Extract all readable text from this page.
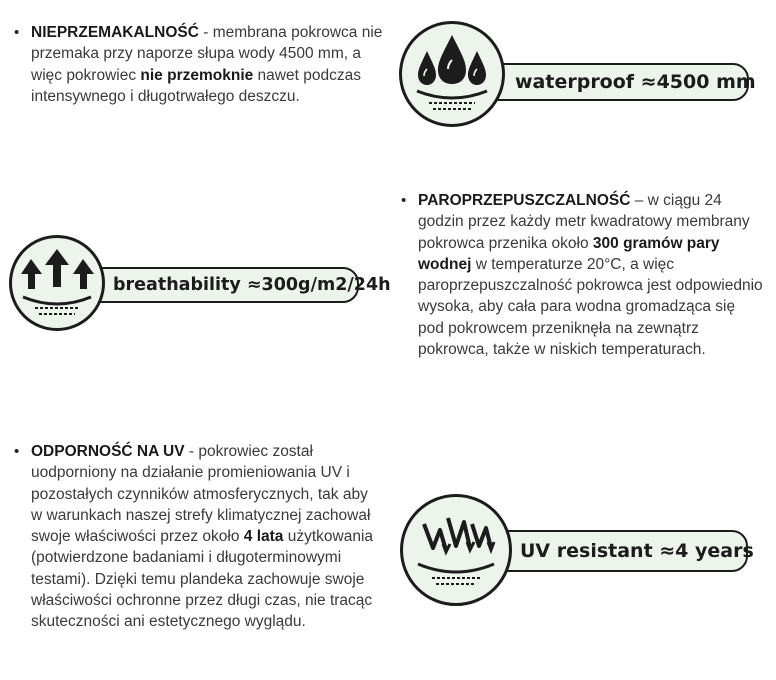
• NIEPRZEMAKALNOŚĆ - membrana pokrowca nie przemaka przy naporze słupa wody 4500 mm, a więc pokrowiec nie przemoknie nawet podczas intensywnego i długotrwałego deszczu.
• PAROPRZEPUSZCZALNOŚĆ – w ciągu 24 godzin przez każdy metr kwadratowy membrany pokrowca przenika około 300 gramów pary wodnej w temperaturze 20°C, a więc paroprzepuszczalność pokrowca jest odpowiednio wysoka, aby cała para wodna gromadząca się pod pokrowcem przeniknęła na zewnątrz pokrowca, także w niskich temperaturach.
• ODPORNOŚĆ NA UV - pokrowiec został uodporniony na działanie promieniowania UV i pozostałych czynników atmosferycznych, tak aby w warunkach naszej strefy klimatycznej zachował swoje właściwości przez około 4 lata użytkowania (potwierdzone badaniami i długoterminowymi testami). Dzięki temu plandeka zachowuje swoje właściwości ochronne przez długi czas, nie tracąc skuteczności ani estetycznego wyglądu.
waterproof ≈4500 mm
breathability ≈300g/m2/24h
UV resistant ≈4 years
